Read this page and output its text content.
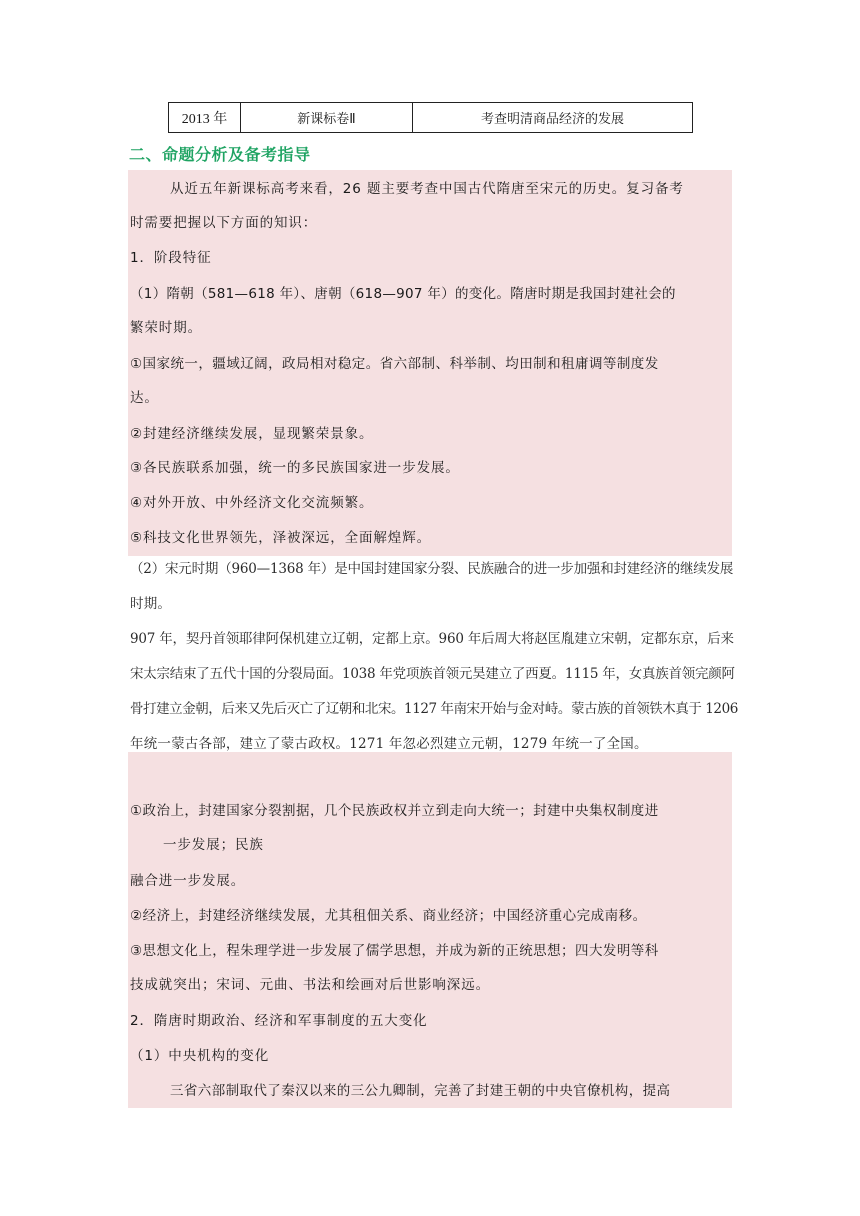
2013 年	新课标卷Ⅱ	考查明清商品经济的发展
二、命题分析及备考指导
从近五年新课标高考来看，26 题主要考查中国古代隋唐至宋元的历史。复习备考
时需要把握以下方面的知识：
1．阶段特征
（1）隋朝（581—618 年）、唐朝（618—907 年）的变化。隋唐时期是我国封建社会的
繁荣时期。
①国家统一，疆域辽阔，政局相对稳定。省六部制、科举制、均田制和租庸调等制度发
达。
②封建经济继续发展，显现繁荣景象。
③各民族联系加强，统一的多民族国家进一步发展。
④对外开放、中外经济文化交流频繁。
⑤科技文化世界领先，泽被深远，全面解煌辉。
（2）宋元时期（960—1368 年）是中国封建国家分裂、民族融合的进一步加强和封建经济的继续发展
时期。
907 年，契丹首领耶律阿保机建立辽朝，定都上京。960 年后周大将赵匡胤建立宋朝，定都东京，后来
宋太宗结束了五代十国的分裂局面。1038 年党项族首领元昊建立了西夏。1115 年，女真族首领完颜阿
骨打建立金朝，后来又先后灭亡了辽朝和北宋。1127 年南宋开始与金对峙。蒙古族的首领铁木真于 1206
年统一蒙古各部，建立了蒙古政权。1271 年忽必烈建立元朝，1279 年统一了全国。
①政治上，封建国家分裂割据，几个民族政权并立到走向大统一；封建中央集权制度进
一步发展；民族
融合进一步发展。
②经济上，封建经济继续发展，尤其租佃关系、商业经济；中国经济重心完成南移。
③思想文化上，程朱理学进一步发展了儒学思想，并成为新的正统思想；四大发明等科
技成就突出；宋词、元曲、书法和绘画对后世影响深远。
2．隋唐时期政治、经济和军事制度的五大变化
（1）中央机构的变化
三省六部制取代了秦汉以来的三公九卿制，完善了封建王朝的中央官僚机构，提高
